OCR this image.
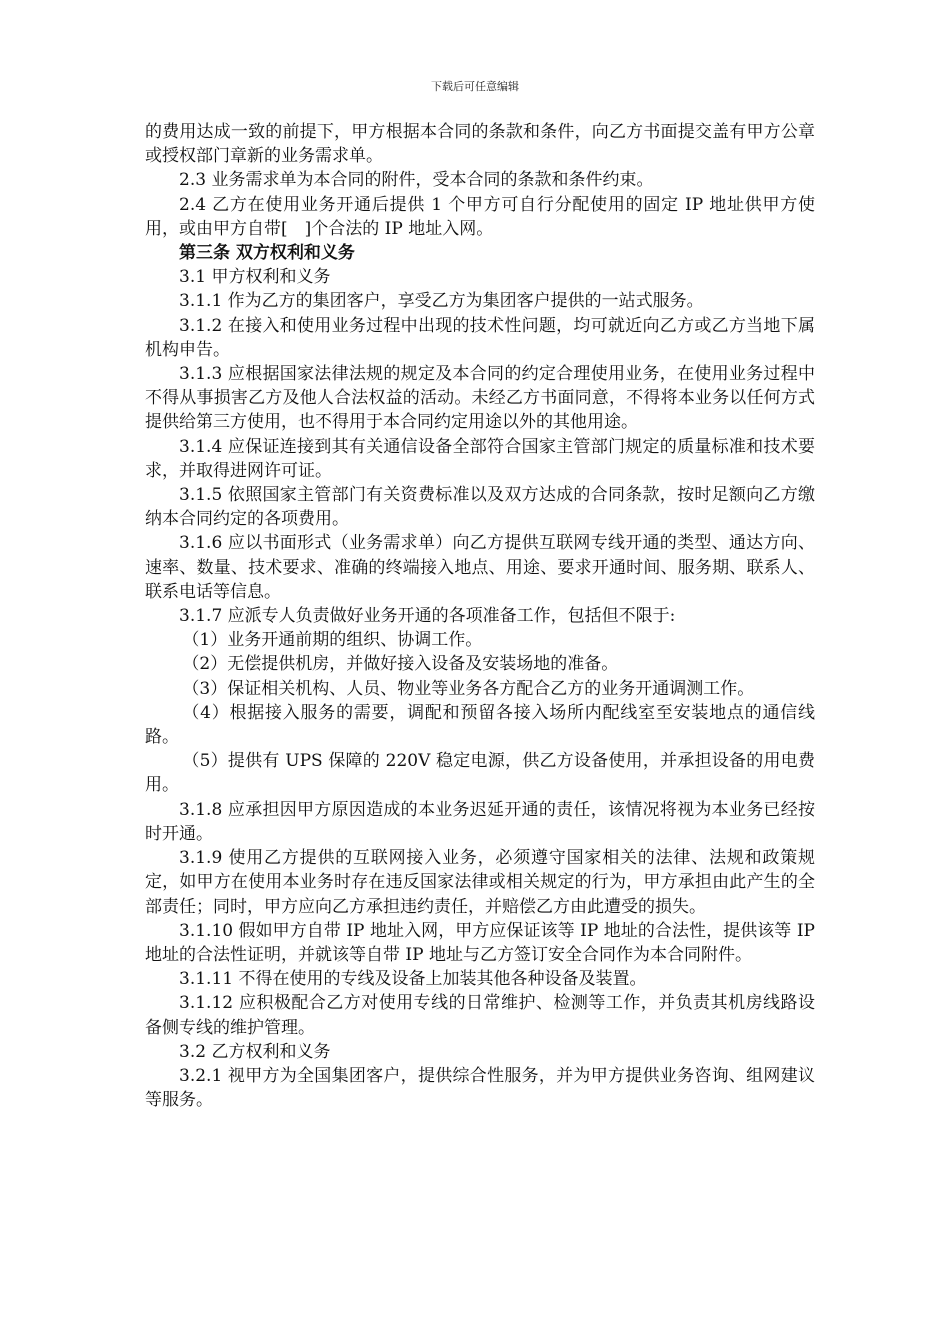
下载后可任意编辑

的费用达成一致的前提下，甲方根据本合同的条款和条件，向乙方书面提交盖有甲方公章或授权部门章新的业务需求单。

2.3 业务需求单为本合同的附件，受本合同的条款和条件约束。

2.4 乙方在使用业务开通后提供 1 个甲方可自行分配使用的固定 IP 地址供甲方使用，或由甲方自带[　]个合法的 IP 地址入网。

第三条 双方权利和义务

3.1 甲方权利和义务

3.1.1 作为乙方的集团客户，享受乙方为集团客户提供的一站式服务。

3.1.2 在接入和使用业务过程中出现的技术性问题，均可就近向乙方或乙方当地下属机构申告。

3.1.3 应根据国家法律法规的规定及本合同的约定合理使用业务，在使用业务过程中不得从事损害乙方及他人合法权益的活动。未经乙方书面同意，不得将本业务以任何方式提供给第三方使用，也不得用于本合同约定用途以外的其他用途。

3.1.4 应保证连接到其有关通信设备全部符合国家主管部门规定的质量标准和技术要求，并取得进网许可证。

3.1.5 依照国家主管部门有关资费标准以及双方达成的合同条款，按时足额向乙方缴纳本合同约定的各项费用。

3.1.6 应以书面形式（业务需求单）向乙方提供互联网专线开通的类型、通达方向、速率、数量、技术要求、准确的终端接入地点、用途、要求开通时间、服务期、联系人、联系电话等信息。

3.1.7 应派专人负责做好业务开通的各项准备工作，包括但不限于:

（1）业务开通前期的组织、协调工作。

（2）无偿提供机房，并做好接入设备及安装场地的准备。

（3）保证相关机构、人员、物业等业务各方配合乙方的业务开通调测工作。

（4）根据接入服务的需要，调配和预留各接入场所内配线室至安装地点的通信线路。

（5）提供有 UPS 保障的 220V 稳定电源，供乙方设备使用，并承担设备的用电费用。

3.1.8 应承担因甲方原因造成的本业务迟延开通的责任，该情况将视为本业务已经按时开通。

3.1.9 使用乙方提供的互联网接入业务，必须遵守国家相关的法律、法规和政策规定，如甲方在使用本业务时存在违反国家法律或相关规定的行为，甲方承担由此产生的全部责任；同时，甲方应向乙方承担违约责任，并赔偿乙方由此遭受的损失。

3.1.10 假如甲方自带 IP 地址入网，甲方应保证该等 IP 地址的合法性，提供该等 IP 地址的合法性证明，并就该等自带 IP 地址与乙方签订安全合同作为本合同附件。

3.1.11 不得在使用的专线及设备上加装其他各种设备及装置。

3.1.12 应积极配合乙方对使用专线的日常维护、检测等工作，并负责其机房线路设备侧专线的维护管理。

3.2 乙方权利和义务

3.2.1 视甲方为全国集团客户，提供综合性服务，并为甲方提供业务咨询、组网建议等服务。
